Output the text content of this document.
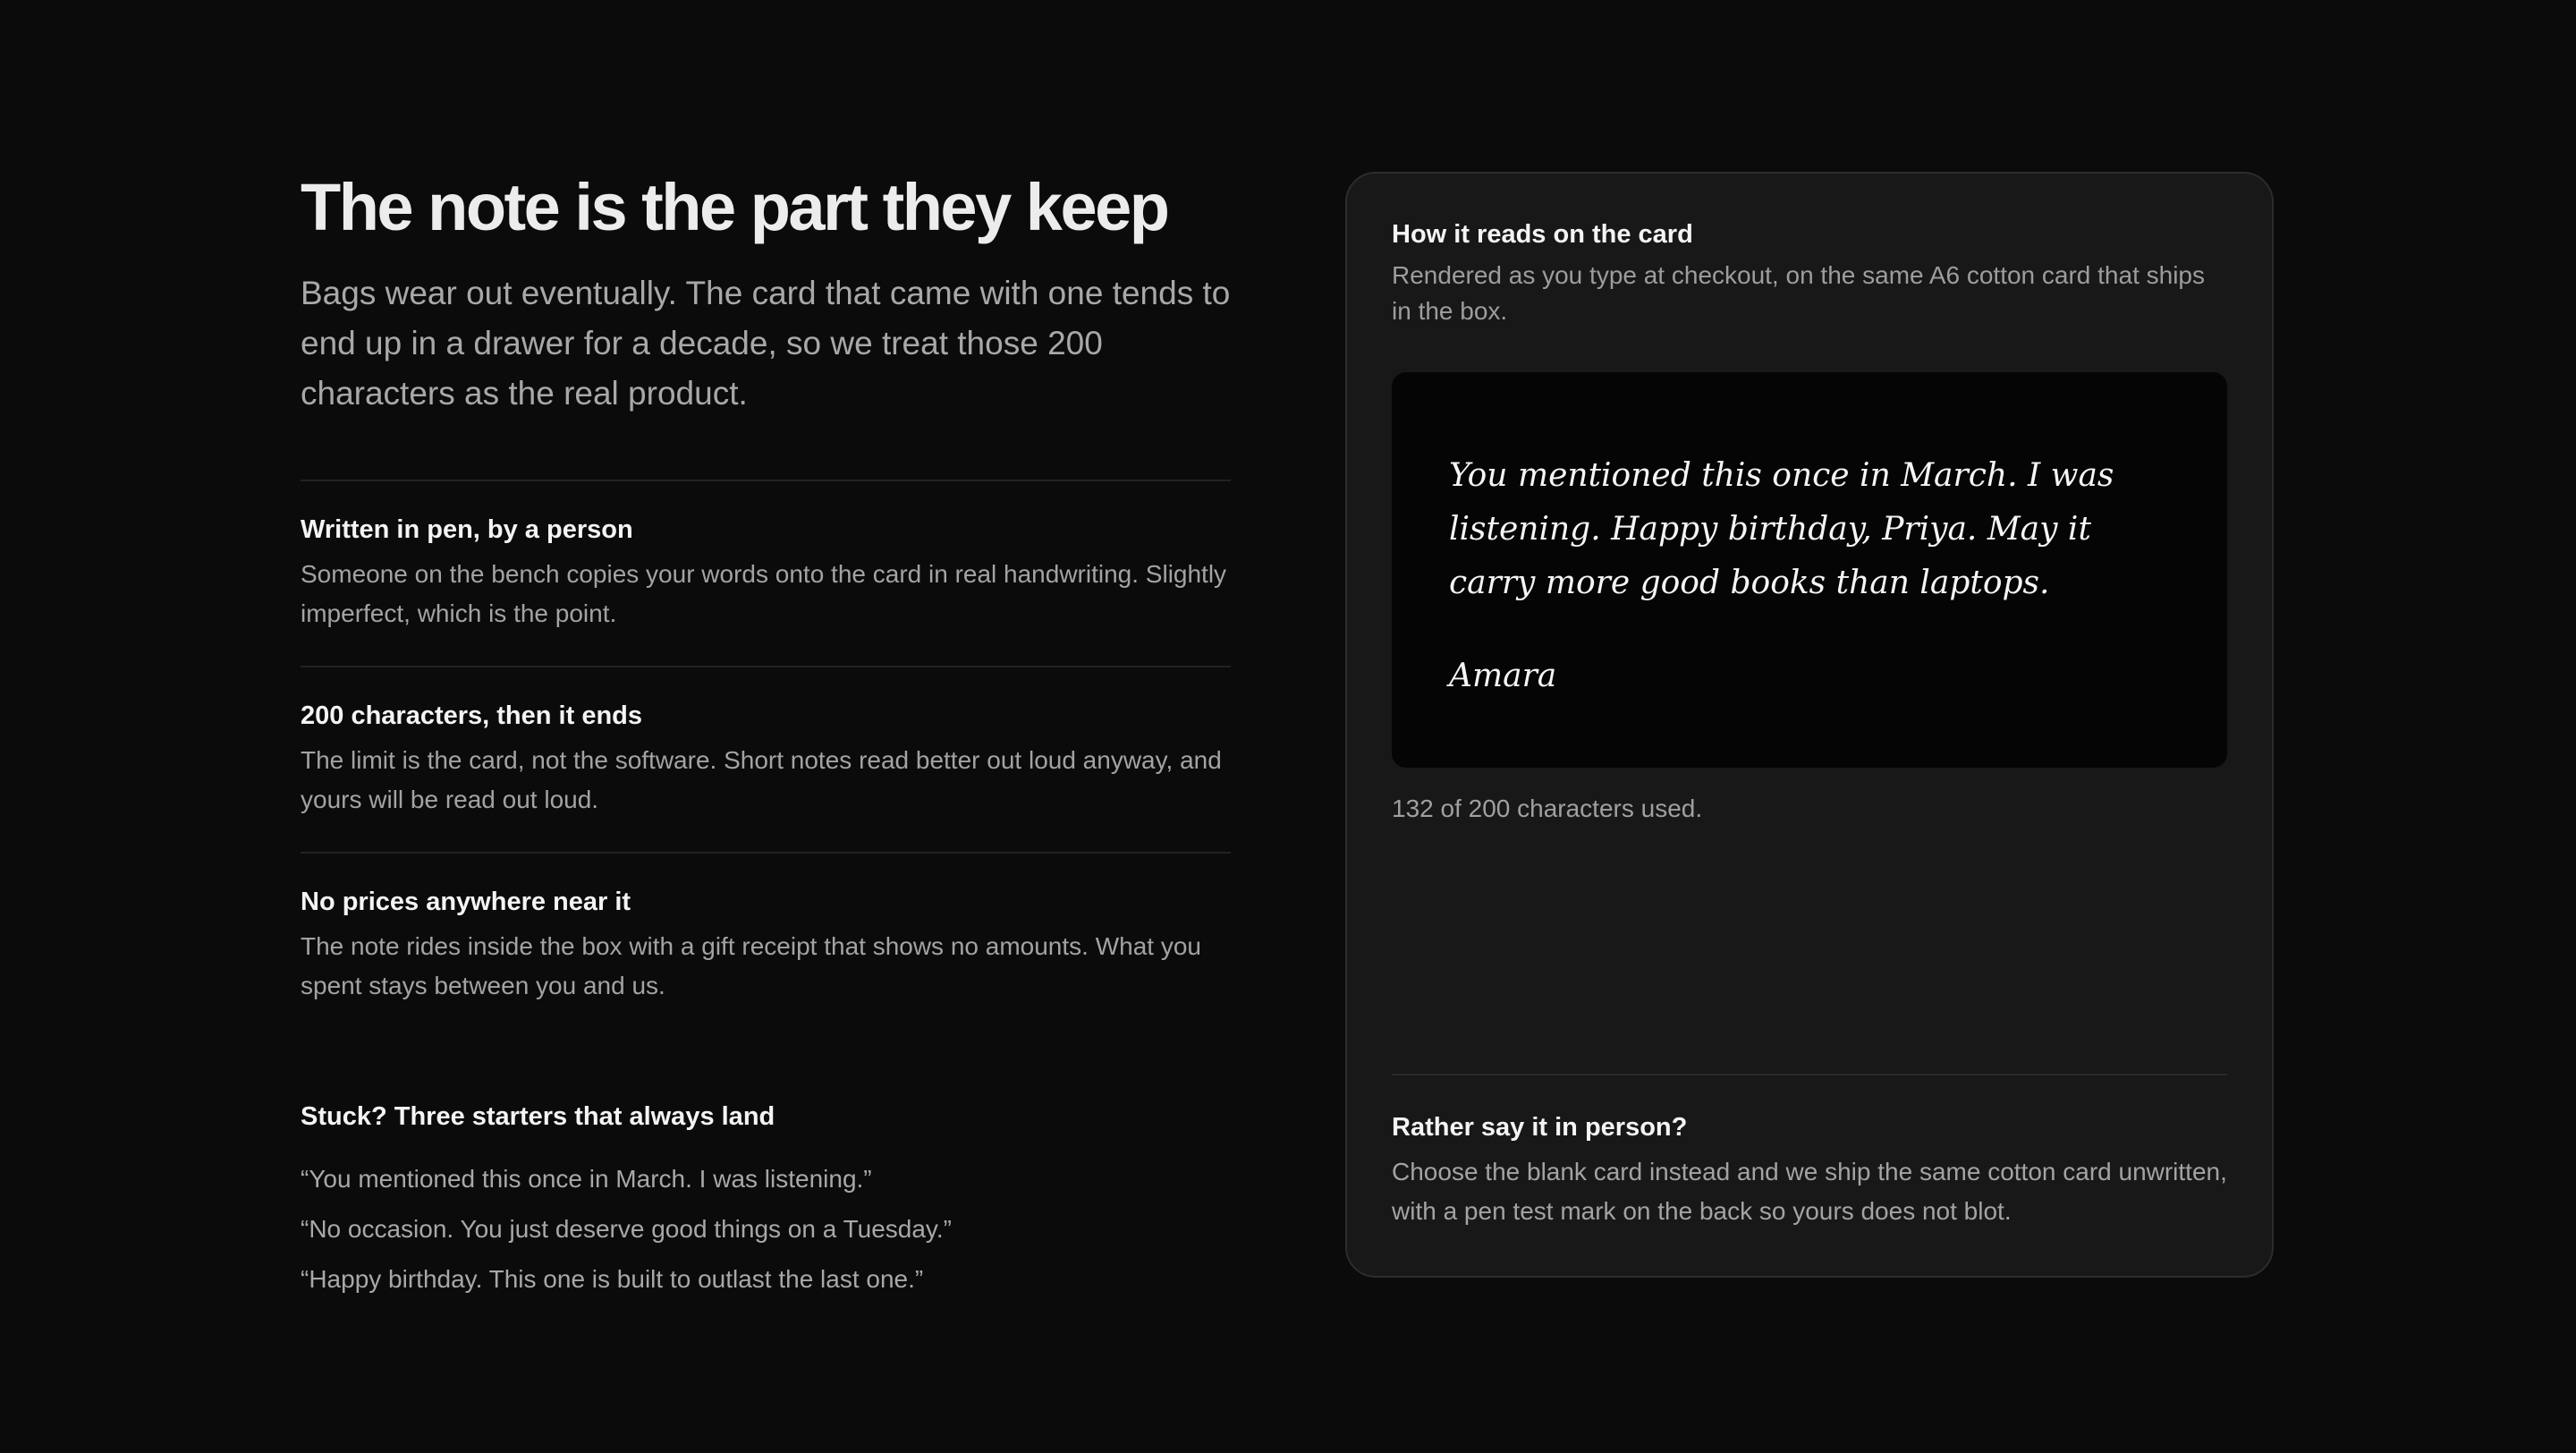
The note is the part they keep

Bags wear out eventually. The card that came with one tends to end up in a drawer for a decade, so we treat those 200 characters as the real product.

Written in pen, by a person

Someone on the bench copies your words onto the card in real handwriting. Slightly imperfect, which is the point.

200 characters, then it ends

The limit is the card, not the software. Short notes read better out loud anyway, and yours will be read out loud.

No prices anywhere near it

The note rides inside the box with a gift receipt that shows no amounts. What you spent stays between you and us.

Stuck? Three starters that always land

“You mentioned this once in March. I was listening.”

“No occasion. You just deserve good things on a Tuesday.”

“Happy birthday. This one is built to outlast the last one.”

How it reads on the card

Rendered as you type at checkout, on the same A6 cotton card that ships in the box.

You mentioned this once in March. I was listening. Happy birthday, Priya. May it carry more good books than laptops.

Amara

132 of 200 characters used.

Rather say it in person?

Choose the blank card instead and we ship the same cotton card unwritten, with a pen test mark on the back so yours does not blot.
